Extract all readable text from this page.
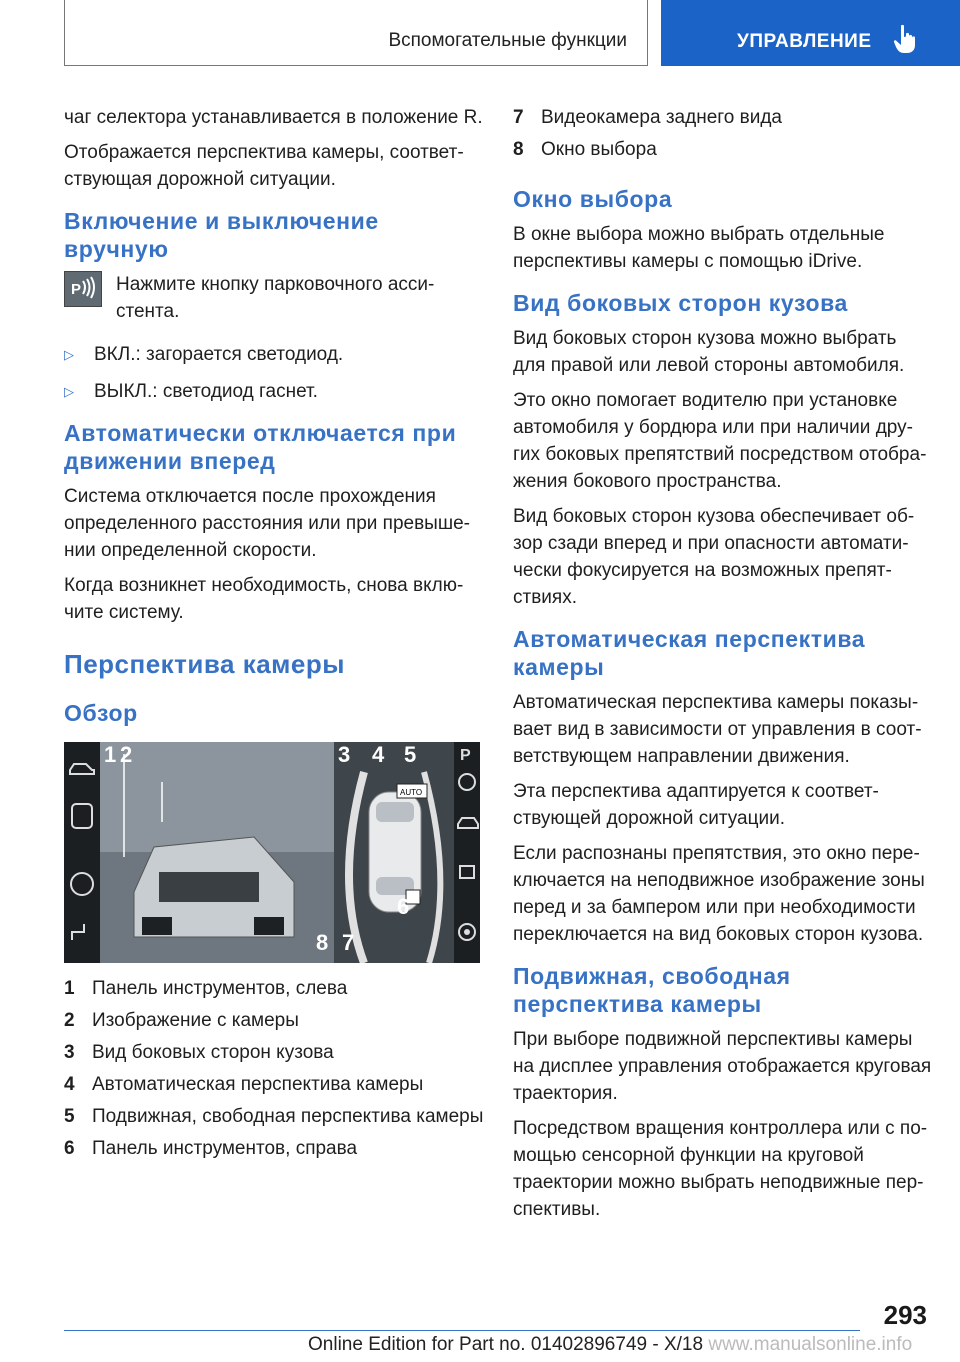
Вспомогательные функции	УПРАВЛЕНИЕ

чаг селектора устанавливается в положение R.

Отображается перспектива камеры, соответствующая дорожной ситуации.

Включение и выключение вручную
P Нажмите кнопку парковочного ассистента.

▷	ВКЛ.: загорается светодиод.
▷	ВЫКЛ.: светодиод гаснет.
Автоматически отключается при движении вперед

Система отключается после прохождения определенного расстояния или при превышении определенной скорости.

Когда возникнет необходимость, снова включите систему.

Перспектива камеры
Обзор
AUTO
P
1 2	3 4 5
6
7
8
1 Панель инструментов, слева
2 Изображение с камеры
3 Вид боковых сторон кузова
4 Автоматическая перспектива камеры
5 Подвижная, свободная перспектива камеры
6 Панель инструментов, справа
7 Видеокамера заднего вида
8 Окно выбора
Окно выбора

В окне выбора можно выбрать отдельные перспективы камеры с помощью iDrive.

Вид боковых сторон кузова

Вид боковых сторон кузова можно выбрать для правой или левой стороны автомобиля.

Это окно помогает водителю при установке автомобиля у бордюра или при наличии других боковых препятствий посредством отображения бокового пространства.

Вид боковых сторон кузова обеспечивает обзор сзади вперед и при опасности автоматически фокусируется на возможных препятствиях.

Автоматическая перспектива камеры

Автоматическая перспектива камеры показывает вид в зависимости от управления в соответствующем направлении движения.

Эта перспектива адаптируется к соответствующей дорожной ситуации.

Если распознаны препятствия, это окно переключается на неподвижное изображение зоны перед и за бампером или при необходимости переключается на вид боковых сторон кузова.

Подвижная, свободная перспектива камеры

При выборе подвижной перспективы камеры на дисплее управления отображается круговая траектория.

Посредством вращения контроллера или с помощью сенсорной функции на круговой траектории можно выбрать неподвижные перспективы.

293
Online Edition for Part no. 01402896749 - X/18 www.manualsonline.info
